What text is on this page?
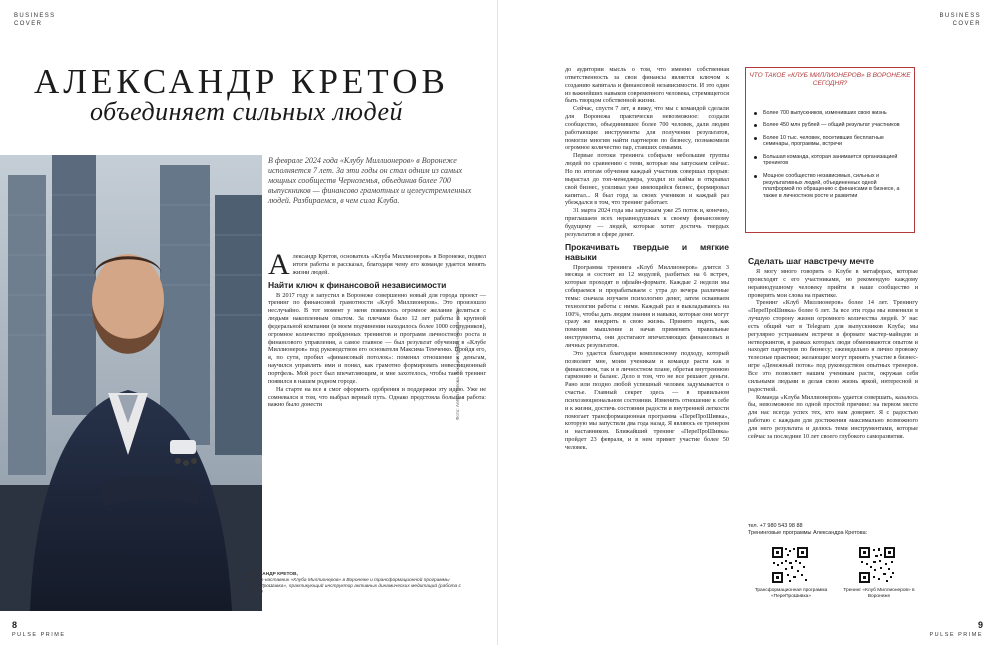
BUSINESS
COVER
BUSINESS
COVER
АЛЕКСАНДР КРЕТОВ
объединяет сильных людей
АЛЕКСАНДР КРЕТОВ,
тренер-наставник «Клуба Миллионеров» в Воронеже и трансформационной программы «ПереПроШивка», практикующий инструктор активных динамических медитаций (работа с телом)
Фото: Алёна Попова. Локация: ММДЦ «Москва-Сити»
В феврале 2024 года «Клубу Миллионеров» в Воронеже исполняется 7 лет. За эти годы он стал одним из самых мощных сообществ Черноземья, объединив более 700 выпускников — финансово грамотных и целеустремленных людей. Разбираемся, в чем сила Клуба.

Александр Кретов, основатель «Клуба Миллионеров» в Воронеже, подвел итоги работы и рассказал, благодаря чему его команде удается менять жизни людей.

Найти ключ к финансовой независимости

В 2017 году я запустил в Воронеже совершенно новый для города проект — тренинг по финансовой грамотности «Клуб Миллионеров». Это произошло неслучайно. В тот момент у меня появилось огромное желание делиться с людьми накопленным опытом. За плечами было 12 лет работы в крупной федеральной компании (в моем подчинении находилось более 1000 сотрудников), огромное количество пройденных тренингов и программ личностного роста и финансового управления, а самое главное — был результат обучения в «Клубе Миллионеров» под руководством его основателя Максима Темченко. Пройдя его, я, по сути, пробил «финансовый потолок»: поменял отношение к деньгам, научился управлять ими и понял, как грамотно формировать инвестиционный портфель. Мой рост был впечатляющим, и мне захотелось, чтобы такой тренинг появился в нашем родном городе.

На старте на все я смог оформить одобрения и поддержки эту идею. Уже не сомневался в том, что выбрал верный путь. Однако предстояла большая работа: важно было донести

до аудитории мысль о том, что именно собственная ответственность за свои финансы является ключом к созданию капитала и финансовой независимости. И это один из важнейших навыков современного человека, стремящегося быть творцом собственной жизни.

Сейчас, спустя 7 лет, я вижу, что мы с командой сделали для Воронежа практически невозможное: создали сообщество, объединившее более 700 человек, дали людям работающие инструменты для получения результатов, помогли многим найти партнеров по бизнесу, познакомили огромное количество пар, ставших семьями.

Первые потоки тренинга собирали небольшие группы людей по сравнению с теми, которые мы запускаем сейчас. Но по итогам обучения каждый участник совершал прорыв: вырастал до топ-менеджера, уходил из найма и открывал свой бизнес, усиливал уже имеющийся бизнес, формировал капитал... Я был горд за своих учеников и каждый раз убеждался в том, что тренинг работает.

31 марта 2024 года мы запускаем уже 25 поток и, конечно, приглашаем всех неравнодушных к своему финансовому будущему — людей, которые хотят достичь твердых результатов в сфере денег.

Прокачивать твердые и мягкие навыки

Программа тренинга «Клуб Миллионеров» длится 3 месяца и состоит из 12 модулей, разбитых на 6 встреч, которые проходят в офлайн-формате. Каждые 2 недели мы собираемся и прорабатываем с утра до вечера различные темы: сначала изучаем психологию денег, затем осваиваем технологии работы с ними. Каждый раз я выкладываюсь на 100%, чтобы дать людям знания и навыки, которые они могут сразу же внедрить в свою жизнь. Принято видеть, как поменяв мышление и начав применять правильные инструменты, они достигают впечатляющих финансовых и личных результатов.

Это удается благодаря комплексному подходу, который позволяет мне, моим ученикам и команде расти как в финансовом, так и в личностном плане, обретая внутреннюю гармонию и баланс. Дело в том, что не все решают деньги. Рано или поздно любой успешный человек задумывается о счастье. Главный секрет здесь — в правильном психоэмоциональном состоянии. Изменить отношение к себе и к жизни, достичь состояния радости и внутренней легкости помогает трансформационная программа «ПереПроШивка», которую мы запустили два года назад. Я являюсь ее тренером и наставником. Ближайший тренинг «ПереПроШивка» пройдет 23 февраля, и в нем примет участие более 50 человек.

ЧТО ТАКОЕ «КЛУБ МИЛЛИОНЕРОВ» В ВОРОНЕЖЕ СЕГОДНЯ?
Более 700 выпускников, изменивших свою жизнь
Более 450 млн рублей — общий результат участников
Более 10 тыс. человек, посетивших бесплатные семинары, программы, встречи
Большая команда, которая занимается организацией тренингов
Мощное сообщество независимых, сильных и результативных людей, объединенных одной платформой по обращению с финансами в бизнесе, а также в личностном росте и развитии
Сделать шаг навстречу мечте

Я могу много говорить о Клубе в метафорах, которые происходят с его участниками, но рекомендую каждому неравнодушному человеку прийти в наше сообщество и проверить мои слова на практике.

Тренинг «Клуб Миллионеров» более 14 лет. Тренингу «ПереПроШивка» более 6 лет. За все эти годы мы изменили в лучшую сторону жизни огромного количества людей. У нас есть общий чат в Telegram для выпускников Клуба; мы регулярно устраиваем встречи в формате мастер-майндов и нетворкингов, в рамках которых люди обмениваются опытом и находят партнеров по бизнесу; еженедельно я лично провожу телесные практики; желающие могут принять участие в бизнес-игре «Денежный поток» под руководством опытных тренеров. Все это позволяет нашим ученикам расти, окружая себя сильными людьми и делая свою жизнь яркой, интересной и радостной.

Команда «Клуба Миллионеров» удается совершать, казалось бы, невозможное по одной простой причине: на первом месте для нас всегда успех тех, кто нам доверяет. Я с радостью работаю с каждым для достижения максимально возможного для него результата и делюсь теми инструментами, которые сейчас за последние 10 лет своего глубокого саморазвития.

тел. +7 980 543 98 88
Тренинговые программы Александра Кретова:
Трансформационная программа «ПереПроШивка»
Тренинг «Клуб Миллионеров» в Воронеже
8	9
PULSE PRIME	PULSE PRIME
